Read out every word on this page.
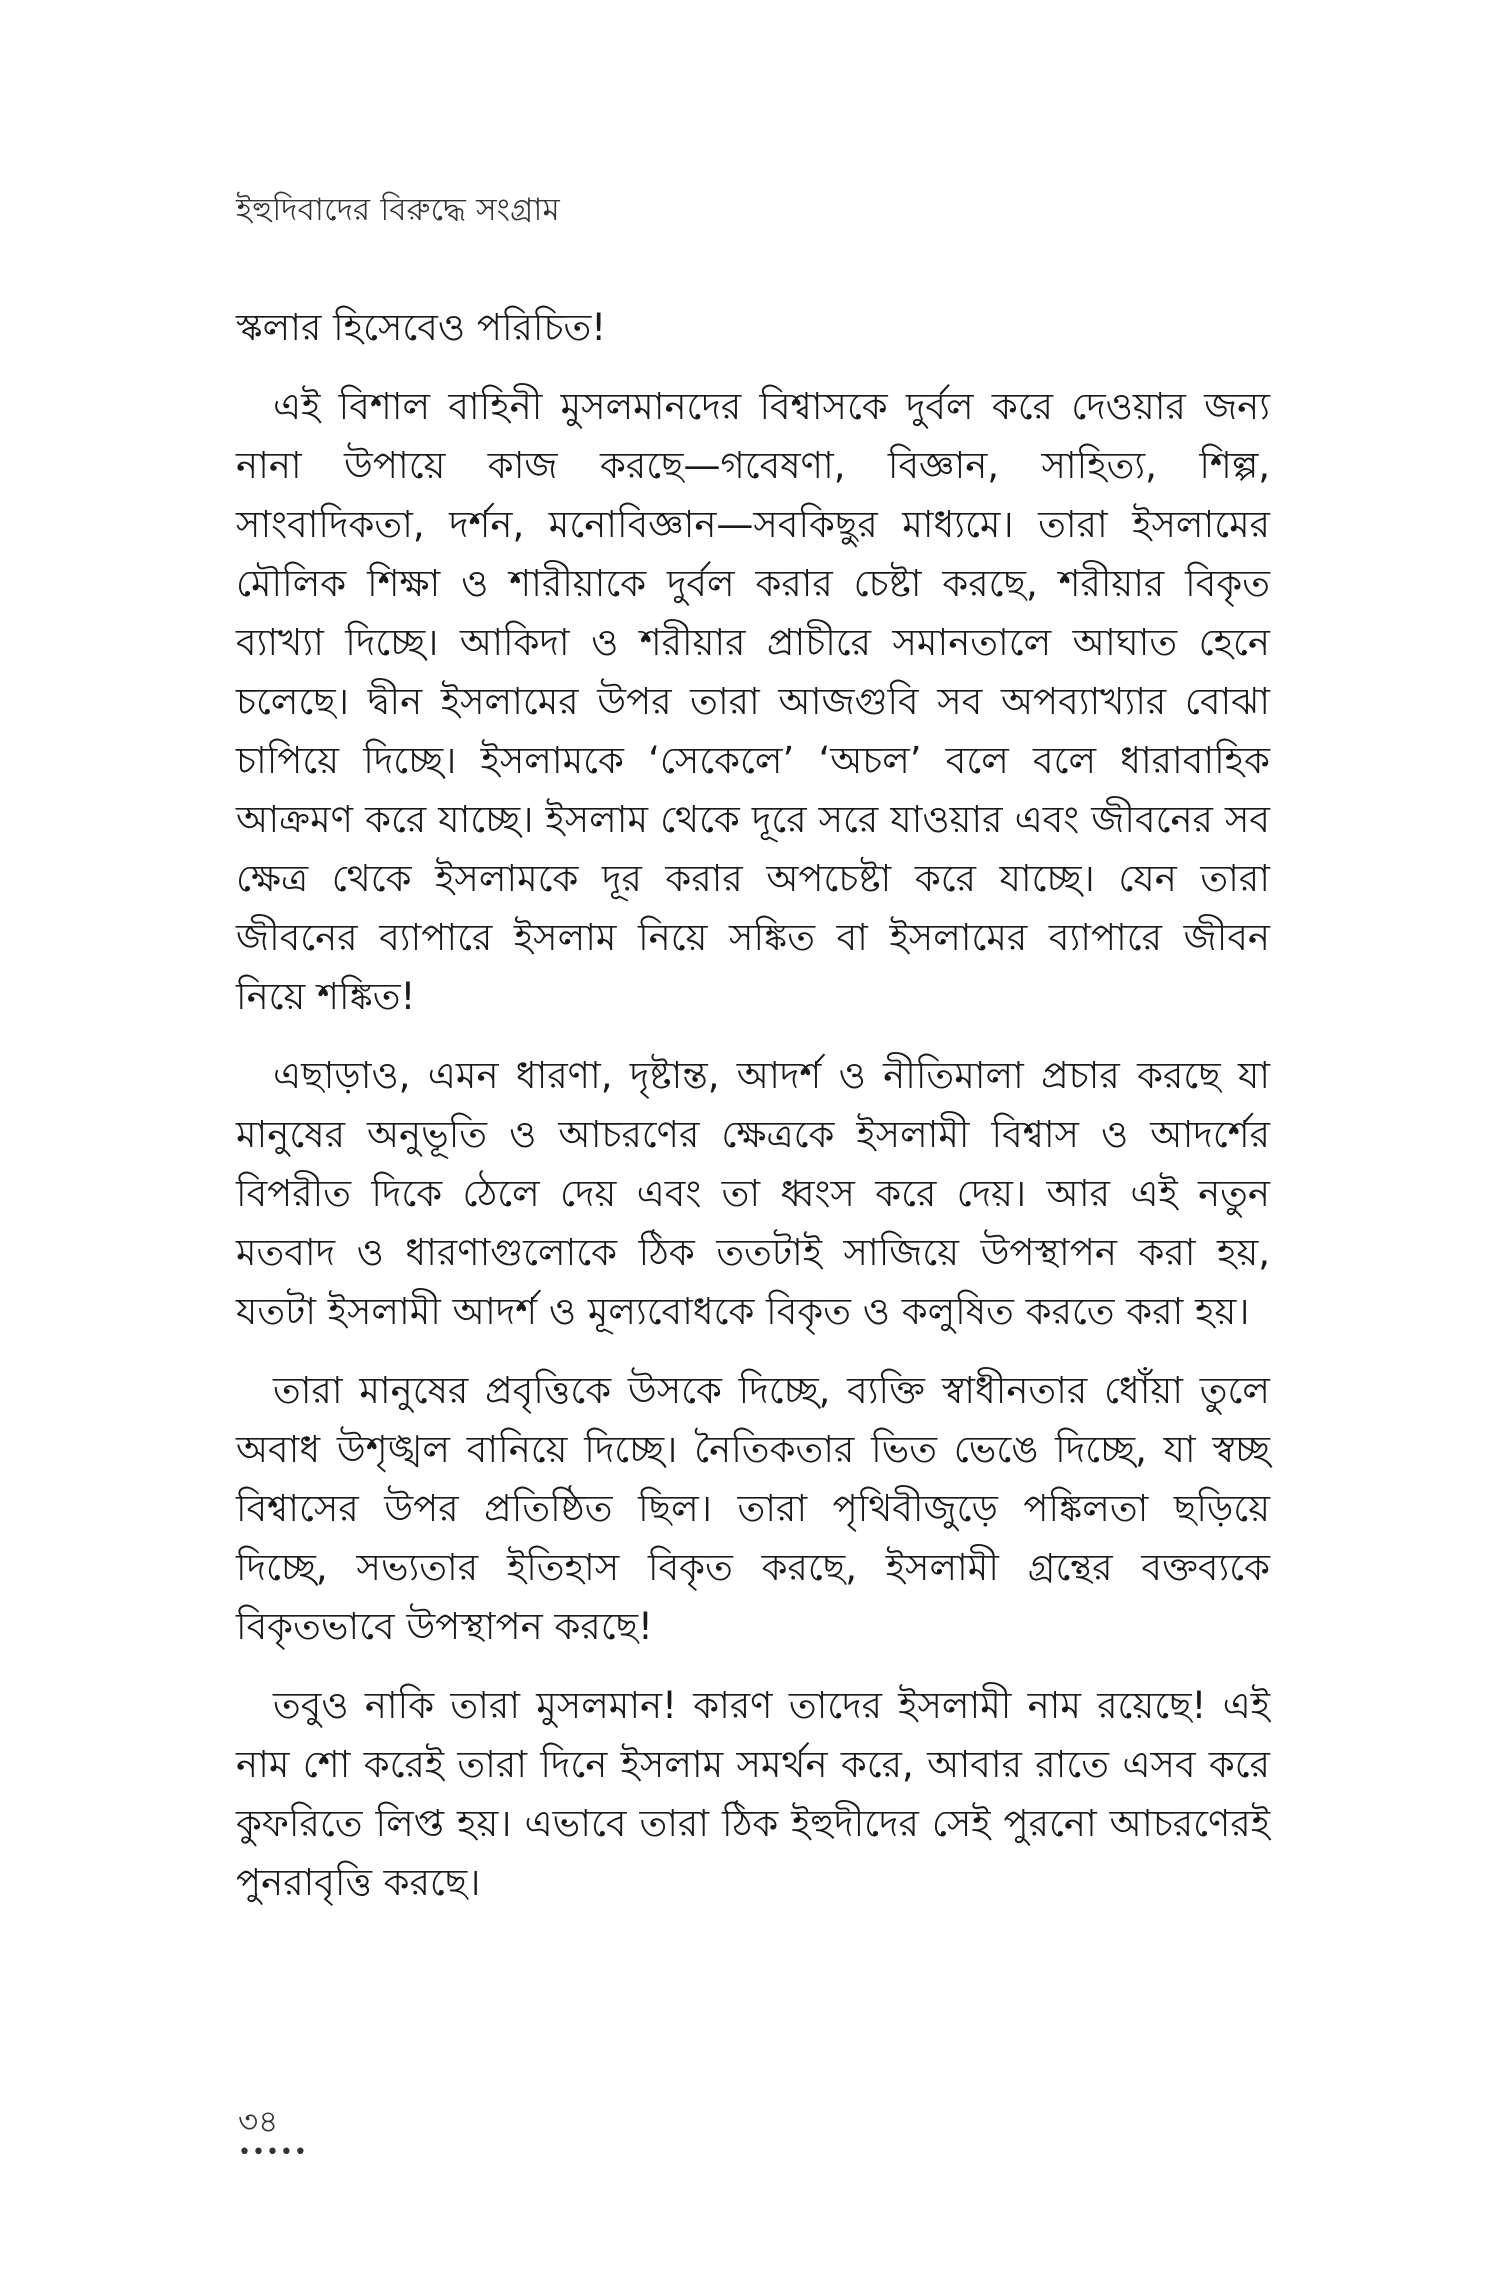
ইহুদিবাদের বিরুদ্ধে সংগ্রাম

স্কলার হিসেবেও পরিচিত!

এই বিশাল বাহিনী মুসলমানদের বিশ্বাসকে দুর্বল করে দেওয়ার জন্য নানা উপায়ে কাজ করছে—গবেষণা, বিজ্ঞান, সাহিত্য, শিল্প, সাংবাদিকতা, দর্শন, মনোবিজ্ঞান—সবকিছুর মাধ্যমে। তারা ইসলামের মৌলিক শিক্ষা ও শারীয়াকে দুর্বল করার চেষ্টা করছে, শরীয়ার বিকৃত ব্যাখ্যা দিচ্ছে। আকিদা ও শরীয়ার প্রাচীরে সমানতালে আঘাত হেনে চলেছে। দ্বীন ইসলামের উপর তারা আজগুবি সব অপব্যাখ্যার বোঝা চাপিয়ে দিচ্ছে। ইসলামকে ‘সেকেলে’ ‘অচল’ বলে বলে ধারাবাহিক আক্রমণ করে যাচ্ছে। ইসলাম থেকে দূরে সরে যাওয়ার এবং জীবনের সব ক্ষেত্র থেকে ইসলামকে দূর করার অপচেষ্টা করে যাচ্ছে। যেন তারা জীবনের ব্যাপারে ইসলাম নিয়ে সঙ্কিত বা ইসলামের ব্যাপারে জীবন নিয়ে শঙ্কিত!

এছাড়াও, এমন ধারণা, দৃষ্টান্ত, আদর্শ ও নীতিমালা প্রচার করছে যা মানুষের অনুভূতি ও আচরণের ক্ষেত্রকে ইসলামী বিশ্বাস ও আদর্শের বিপরীত দিকে ঠেলে দেয় এবং তা ধ্বংস করে দেয়। আর এই নতুন মতবাদ ও ধারণাগুলোকে ঠিক ততটাই সাজিয়ে উপস্থাপন করা হয়, যতটা ইসলামী আদর্শ ও মূল্যবোধকে বিকৃত ও কলুষিত করতে করা হয়।

তারা মানুষের প্রবৃত্তিকে উসকে দিচ্ছে, ব্যক্তি স্বাধীনতার ধোঁয়া তুলে অবাধ উশৃঙ্খল বানিয়ে দিচ্ছে। নৈতিকতার ভিত ভেঙে দিচ্ছে, যা স্বচ্ছ বিশ্বাসের উপর প্রতিষ্ঠিত ছিল। তারা পৃথিবীজুড়ে পঙ্কিলতা ছড়িয়ে দিচ্ছে, সভ্যতার ইতিহাস বিকৃত করছে, ইসলামী গ্রন্থের বক্তব্যকে বিকৃতভাবে উপস্থাপন করছে!

তবুও নাকি তারা মুসলমান! কারণ তাদের ইসলামী নাম রয়েছে! এই নাম শো করেই তারা দিনে ইসলাম সমর্থন করে, আবার রাতে এসব করে কুফরিতে লিপ্ত হয়। এভাবে তারা ঠিক ইহুদীদের সেই পুরনো আচরণেরই পুনরাবৃত্তি করছে।

৩৪
•••••
